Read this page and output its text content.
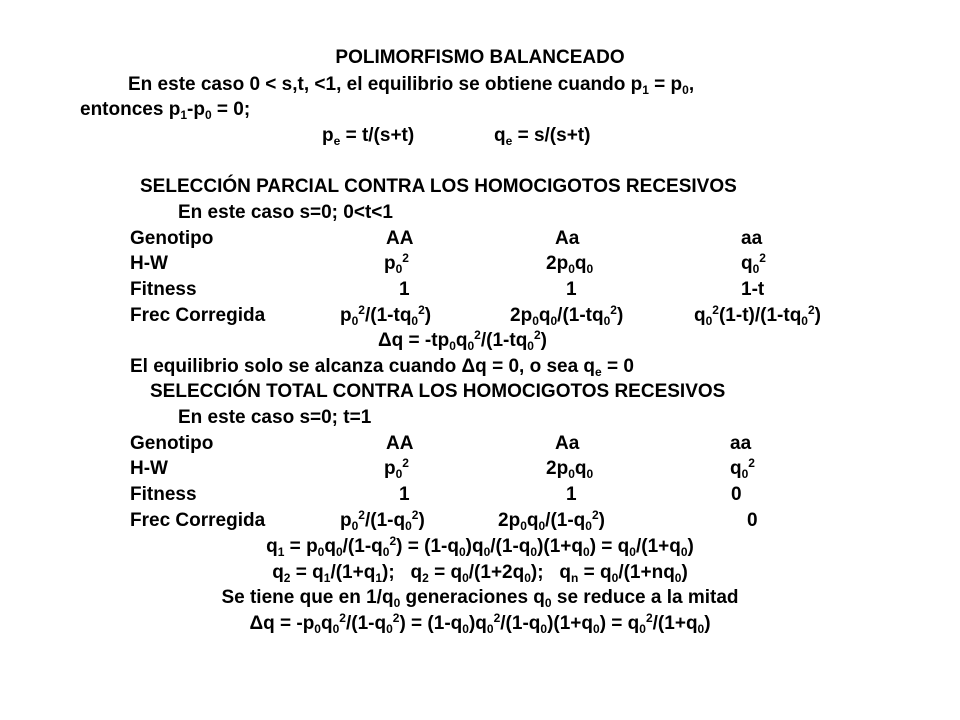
POLIMORFISMO BALANCEADO
En este caso 0 < s,t, <1, el equilibrio se obtiene cuando $p_1 = p_0$,
entonces $p_1-p_0 = 0$;
$p_e = t/(s+t)$	$q_e = s/(s+t)$
SELECCIÓN PARCIAL CONTRA LOS HOMOCIGOTOS RECESIVOS
En este caso s=0; 0<t<1
Genotipo	AA	Aa	aa
H-W	$p_0^2$	$2p_0q_0$	$q_0^2$
Fitness	1	1	1-t
Frec Corregida	$p_0^2/(1-tq_0^2)$	$2p_0q_0/(1-tq_0^2)$	$q_0^2(1-t)/(1-tq_0^2)$
$\Delta q = -tp_0q_0^2/(1-tq_0^2)$
El equilibrio solo se alcanza cuando Δq = 0, o sea $q_e = 0$
SELECCIÓN TOTAL CONTRA LOS HOMOCIGOTOS RECESIVOS
En este caso s=0; t=1
Genotipo	AA	Aa	aa
H-W	$p_0^2$	$2p_0q_0$	$q_0^2$
Fitness	1	1	0
Frec Corregida	$p_0^2/(1-q_0^2)$	$2p_0q_0/(1-q_0^2)$	0
$q_1 = p_0q_0/(1-q_0^2) = (1-q_0)q_0/(1-q_0)(1+q_0) = q_0/(1+q_0)$
$q_2 = q_1/(1+q_1)$;   $q_2 = q_0/(1+2q_0)$;   $q_n = q_0/(1+nq_0)$
Se tiene que en $1/q_0$ generaciones $q_0$ se reduce a la mitad
$\Delta q = -p_0q_0^2/(1-q_0^2) = (1-q_0)q_0^2/(1-q_0)(1+q_0) = q_0^2/(1+q_0)$
